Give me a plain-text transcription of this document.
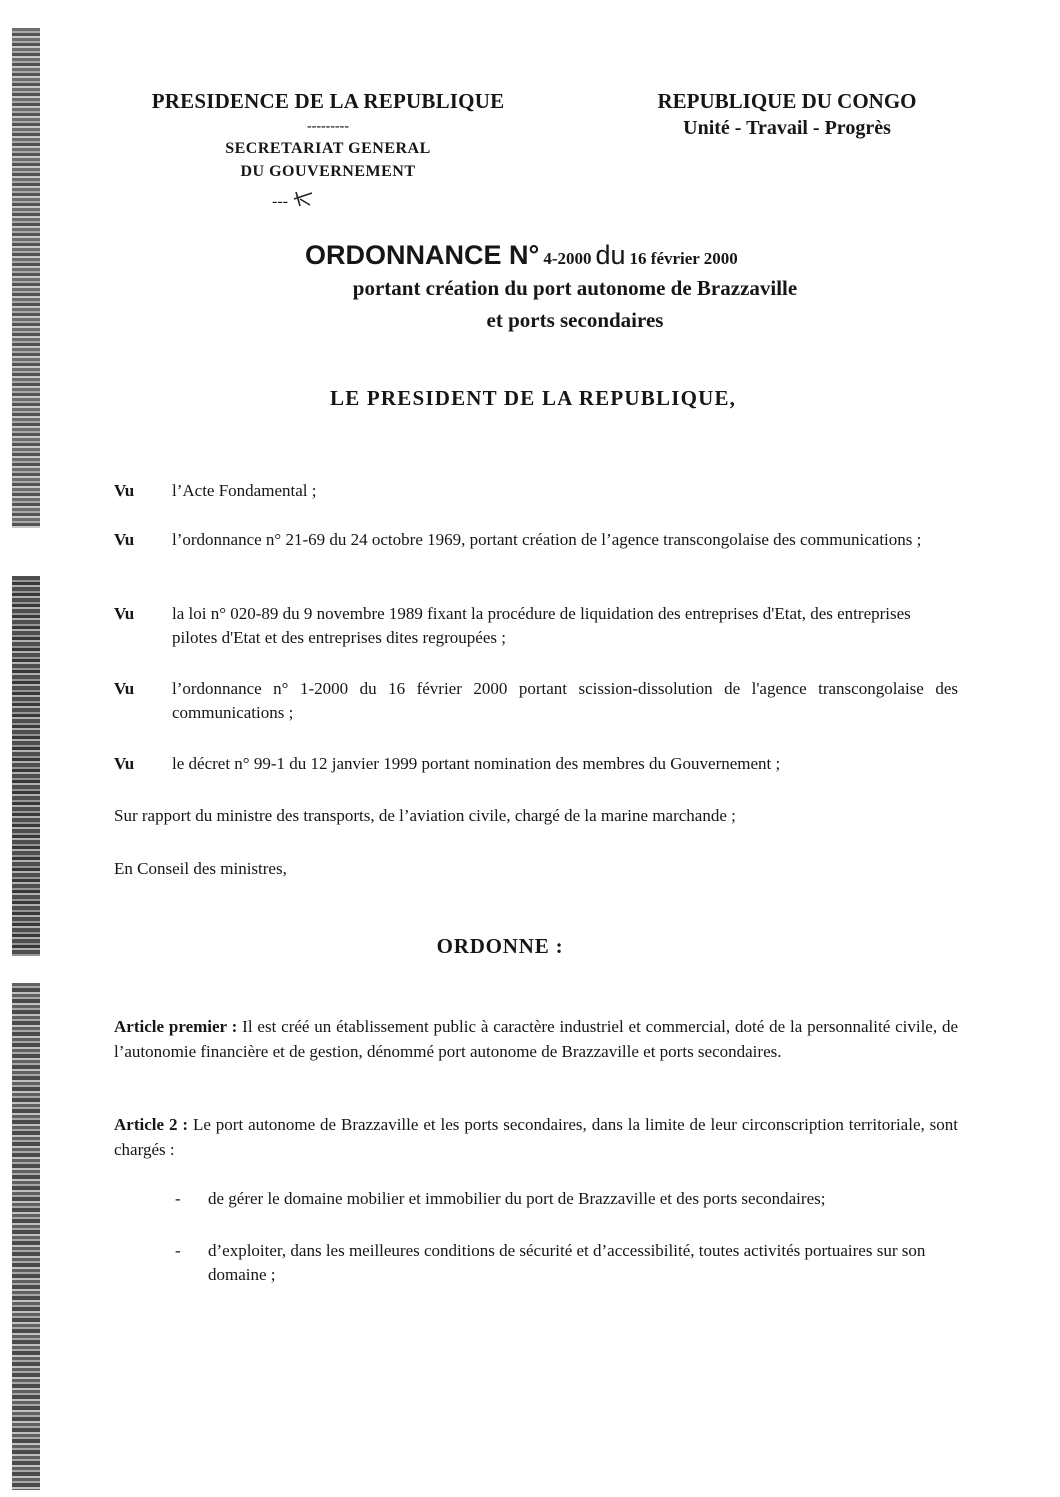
PRESIDENCE DE LA REPUBLIQUE
---------
SECRETARIAT GENERAL
DU GOUVERNEMENT
---
REPUBLIQUE DU CONGO
Unité - Travail - Progrès
ORDONNANCE N° 4-2000 du 16 février 2000
portant création du port autonome de Brazzaville
et ports secondaires
LE PRESIDENT DE LA REPUBLIQUE,
Vu l’Acte Fondamental ;
Vu l’ordonnance n° 21-69 du 24 octobre 1969, portant création de l’agence transcongolaise des communications ;
Vu la loi n° 020-89 du 9 novembre 1989 fixant la procédure de liquidation des entreprises d'Etat, des entreprises pilotes d'Etat et des entreprises dites regroupées ;
Vu l’ordonnance n° 1-2000 du 16 février 2000 portant scission-dissolution de l'agence transcongolaise des communications ;
Vu le décret n° 99-1 du 12 janvier 1999 portant nomination des membres du Gouvernement ;
Sur rapport du ministre des transports, de l’aviation civile, chargé de la marine marchande ;
En Conseil des ministres,
ORDONNE :
Article premier : Il est créé un établissement public à caractère industriel et commercial, doté de la personnalité civile, de l’autonomie financière et de gestion, dénommé port autonome de Brazzaville et ports secondaires.
Article 2 : Le port autonome de Brazzaville et les ports secondaires, dans la limite de leur circonscription territoriale, sont chargés :
- de gérer le domaine mobilier et immobilier du port de Brazzaville et des ports secondaires;
- d’exploiter, dans les meilleures conditions de sécurité et d’accessibilité, toutes activités portuaires sur son domaine ;
